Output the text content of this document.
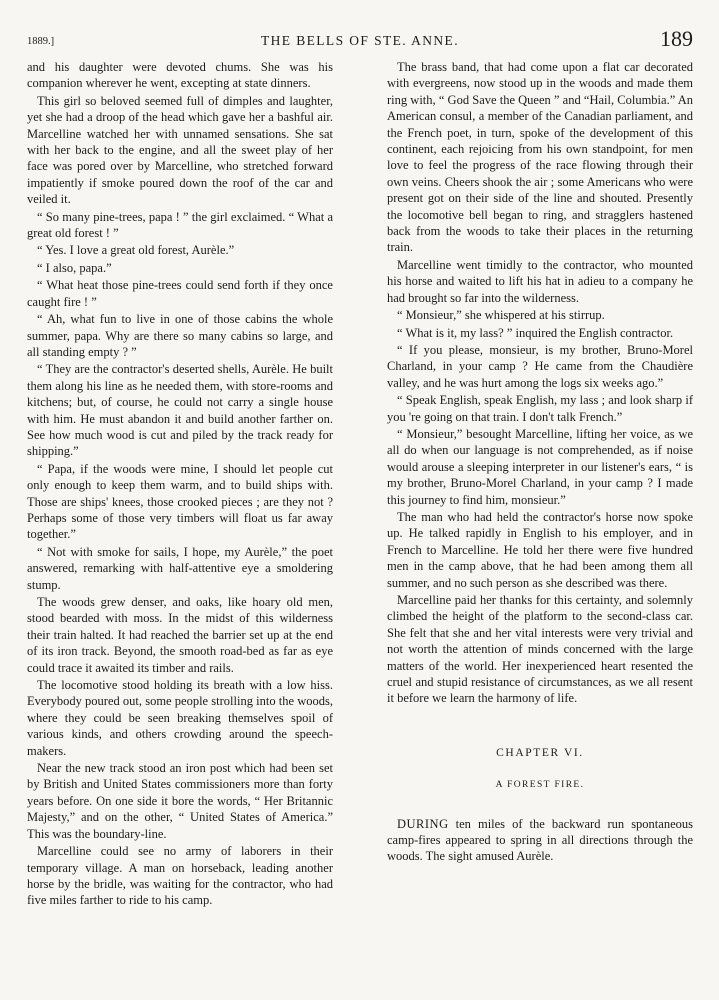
1889.]	THE BELLS OF STE. ANNE.	189

and his daughter were devoted chums. She was his companion wherever he went, excepting at state dinners.

This girl so beloved seemed full of dimples and laughter, yet she had a droop of the head which gave her a bashful air. Marcelline watched her with unnamed sensations. She sat with her back to the engine, and all the sweet play of her face was pored over by Marcelline, who stretched forward impatiently if smoke poured down the roof of the car and veiled it.

“ So many pine-trees, papa ! ” the girl exclaimed. “ What a great old forest ! ”

“ Yes. I love a great old forest, Aurèle.”

“ I also, papa.”

“ What heat those pine-trees could send forth if they once caught fire ! ”

“ Ah, what fun to live in one of those cabins the whole summer, papa. Why are there so many cabins so large, and all standing empty ? ”

“ They are the contractor's deserted shells, Aurèle. He built them along his line as he needed them, with store-rooms and kitchens; but, of course, he could not carry a single house with him. He must abandon it and build another farther on. See how much wood is cut and piled by the track ready for shipping.”

“ Papa, if the woods were mine, I should let people cut only enough to keep them warm, and to build ships with. Those are ships' knees, those crooked pieces ; are they not ? Perhaps some of those very timbers will float us far away together.”

“ Not with smoke for sails, I hope, my Aurèle,” the poet answered, remarking with half-attentive eye a smoldering stump.

The woods grew denser, and oaks, like hoary old men, stood bearded with moss. In the midst of this wilderness their train halted. It had reached the barrier set up at the end of its iron track. Beyond, the smooth road-bed as far as eye could trace it awaited its timber and rails.

The locomotive stood holding its breath with a low hiss. Everybody poured out, some people strolling into the woods, where they could be seen breaking themselves spoil of various kinds, and others crowding around the speech-makers.

Near the new track stood an iron post which had been set by British and United States commissioners more than forty years before. On one side it bore the words, “ Her Britannic Majesty,” and on the other, “ United States of America.” This was the boundary-line.

Marcelline could see no army of laborers in their temporary village. A man on horseback, leading another horse by the bridle, was waiting for the contractor, who had five miles farther to ride to his camp.

The brass band, that had come upon a flat car decorated with evergreens, now stood up in the woods and made them ring with, “ God Save the Queen ” and “Hail, Columbia.” An American consul, a member of the Canadian parliament, and the French poet, in turn, spoke of the development of this continent, each rejoicing from his own standpoint, for men love to feel the progress of the race flowing through their own veins. Cheers shook the air ; some Americans who were present got on their side of the line and shouted. Presently the locomotive bell began to ring, and stragglers hastened back from the woods to take their places in the returning train.

Marcelline went timidly to the contractor, who mounted his horse and waited to lift his hat in adieu to a company he had brought so far into the wilderness.

“ Monsieur,” she whispered at his stirrup.

“ What is it, my lass? ” inquired the English contractor.

“ If you please, monsieur, is my brother, Bruno-Morel Charland, in your camp ? He came from the Chaudière valley, and he was hurt among the logs six weeks ago.”

“ Speak English, speak English, my lass ; and look sharp if you 're going on that train. I don't talk French.”

“ Monsieur,” besought Marcelline, lifting her voice, as we all do when our language is not comprehended, as if noise would arouse a sleeping interpreter in our listener's ears, “ is my brother, Bruno-Morel Charland, in your camp ? I made this journey to find him, monsieur.”

The man who had held the contractor's horse now spoke up. He talked rapidly in English to his employer, and in French to Marcelline. He told her there were five hundred men in the camp above, that he had been among them all summer, and no such person as she described was there.

Marcelline paid her thanks for this certainty, and solemnly climbed the height of the platform to the second-class car. She felt that she and her vital interests were very trivial and not worth the attention of minds concerned with the large matters of the world. Her inexperienced heart resented the cruel and stupid resistance of circumstances, as we all resent it before we learn the harmony of life.

CHAPTER VI.
A FOREST FIRE.

DURING ten miles of the backward run spontaneous camp-fires appeared to spring in all directions through the woods. The sight amused Aurèle.
